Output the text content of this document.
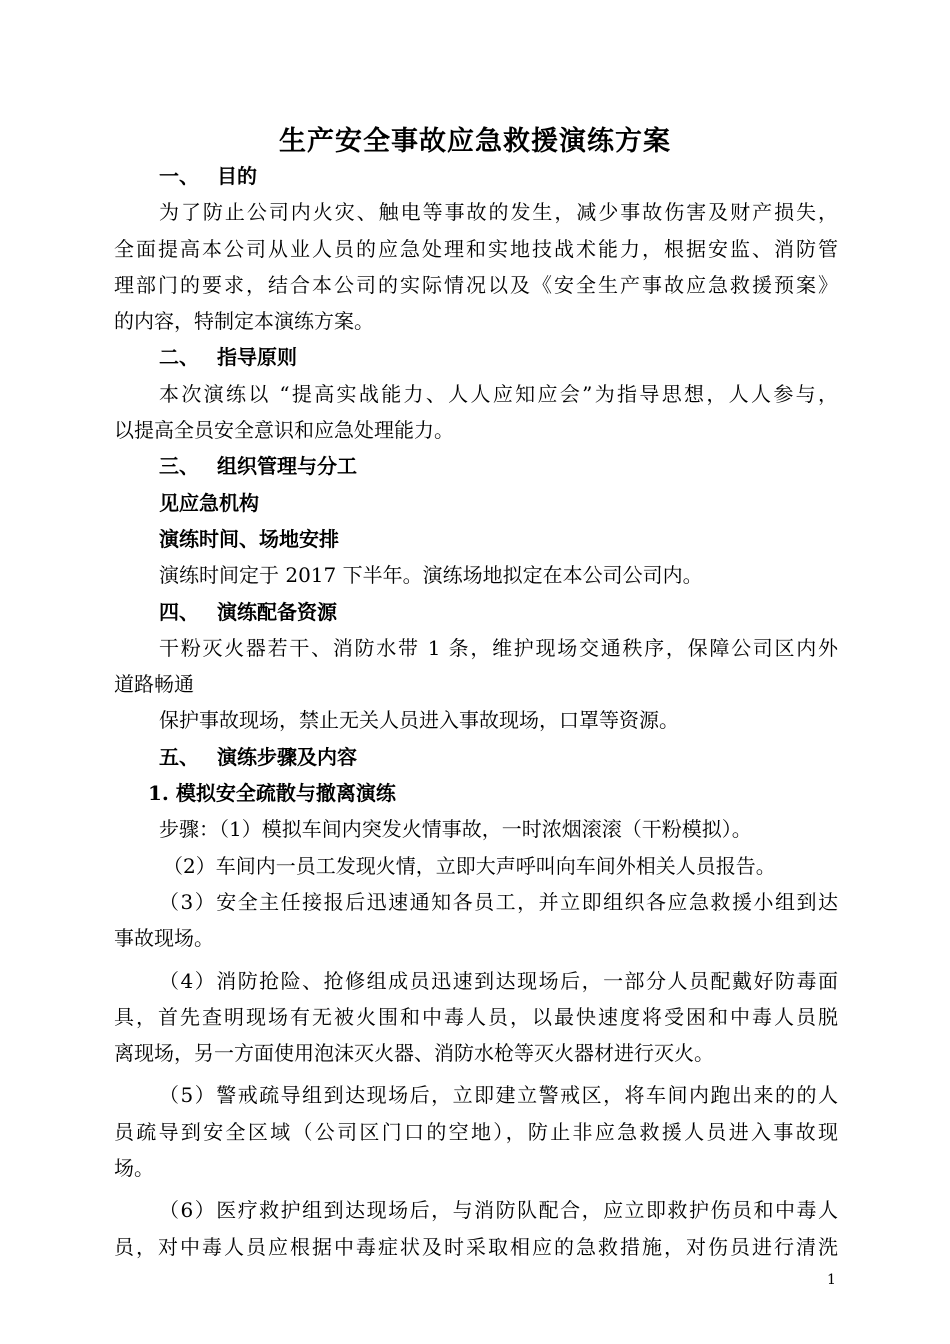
生产安全事故应急救援演练方案
一、 目的
为了防止公司内火灾、触电等事故的发生，减少事故伤害及财产损失，
全面提高本公司从业人员的应急处理和实地技战术能力，根据安监、消防管
理部门的要求，结合本公司的实际情况以及《安全生产事故应急救援预案》
的内容，特制定本演练方案。
二、 指导原则
本次演练以 “提高实战能力、人人应知应会”为指导思想，人人参与，
以提高全员安全意识和应急处理能力。
三、 组织管理与分工
见应急机构
演练时间、场地安排
演练时间定于 2017 下半年。演练场地拟定在本公司公司内。
四、 演练配备资源
干粉灭火器若干、消防水带 1 条，维护现场交通秩序，保障公司区内外
道路畅通
保护事故现场，禁止无关人员进入事故现场，口罩等资源。
五、 演练步骤及内容
1. 模拟安全疏散与撤离演练
步骤：（1）模拟车间内突发火情事故，一时浓烟滚滚（干粉模拟）。
（2）车间内一员工发现火情，立即大声呼叫向车间外相关人员报告。
（3）安全主任接报后迅速通知各员工，并立即组织各应急救援小组到达
事故现场。
（4）消防抢险、抢修组成员迅速到达现场后，一部分人员配戴好防毒面
具，首先查明现场有无被火围和中毒人员，以最快速度将受困和中毒人员脱
离现场，另一方面使用泡沫灭火器、消防水枪等灭火器材进行灭火。
（5）警戒疏导组到达现场后，立即建立警戒区，将车间内跑出来的的人
员疏导到安全区域（公司区门口的空地），防止非应急救援人员进入事故现
场。
（6）医疗救护组到达现场后，与消防队配合，应立即救护伤员和中毒人
员，对中毒人员应根据中毒症状及时采取相应的急救措施，对伤员进行清洗
1
